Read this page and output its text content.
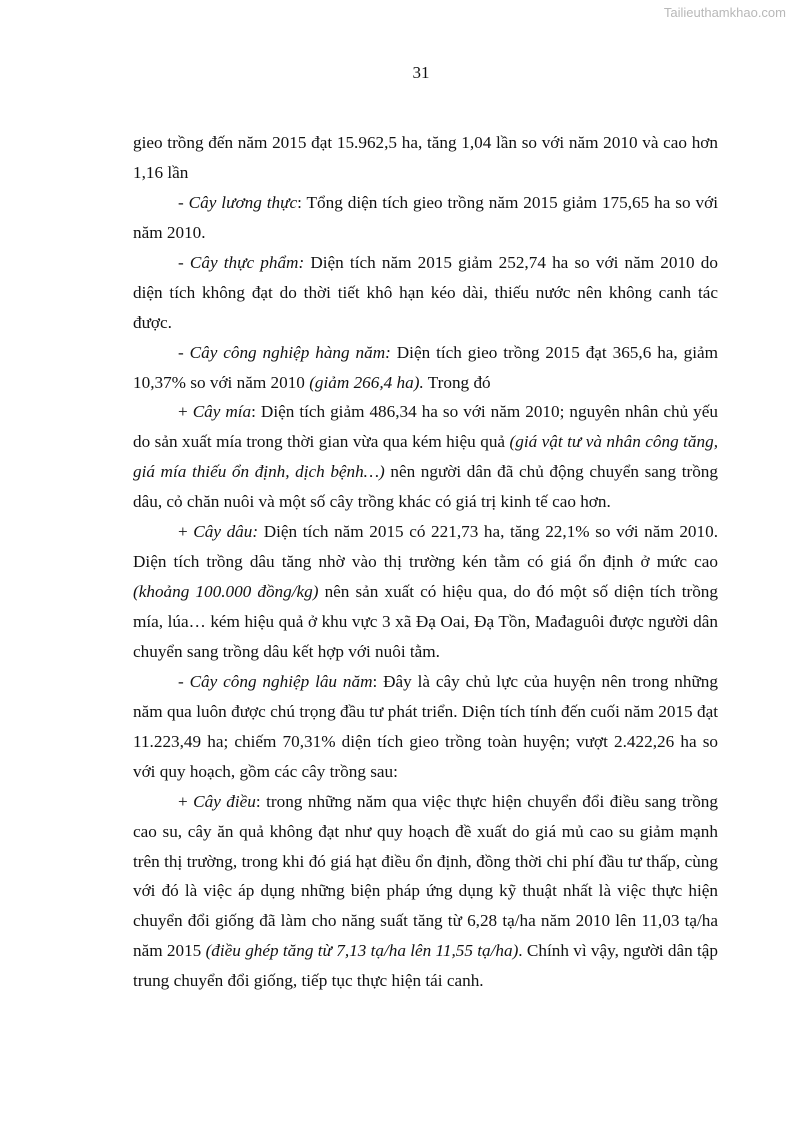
Tailieuthamkhao.com
31

gieo trồng đến năm 2015 đạt 15.962,5 ha, tăng 1,04 lần so với năm 2010 và cao hơn 1,16 lần

- Cây lương thực: Tổng diện tích gieo trồng năm 2015 giảm 175,65 ha so với năm 2010.

- Cây thực phẩm: Diện tích năm 2015 giảm 252,74 ha so với năm 2010 do diện tích không đạt do thời tiết khô hạn kéo dài, thiếu nước nên không canh tác được.

- Cây công nghiệp hàng năm: Diện tích gieo trồng 2015 đạt 365,6 ha, giảm 10,37% so với năm 2010 (giảm 266,4 ha). Trong đó

+ Cây mía: Diện tích giảm 486,34 ha so với năm 2010; nguyên nhân chủ yếu do sản xuất mía trong thời gian vừa qua kém hiệu quả (giá vật tư và nhân công tăng, giá mía thiếu ổn định, dịch bệnh…) nên người dân đã chủ động chuyển sang trồng dâu, cỏ chăn nuôi và một số cây trồng khác có giá trị kinh tế cao hơn.

+ Cây dâu: Diện tích năm 2015 có 221,73 ha, tăng 22,1% so với năm 2010. Diện tích trồng dâu tăng nhờ vào thị trường kén tằm có giá ổn định ở mức cao (khoảng 100.000 đồng/kg) nên sản xuất có hiệu qua, do đó một số diện tích trồng mía, lúa… kém hiệu quả ở khu vực 3 xã Đạ Oai, Đạ Tồn, Mađaguôi được người dân chuyển sang trồng dâu kết hợp với nuôi tằm.

- Cây công nghiệp lâu năm: Đây là cây chủ lực của huyện nên trong những năm qua luôn được chú trọng đầu tư phát triển. Diện tích tính đến cuối năm 2015 đạt 11.223,49 ha; chiếm 70,31% diện tích gieo trồng toàn huyện; vượt 2.422,26 ha so với quy hoạch, gồm các cây trồng sau:

+ Cây điều: trong những năm qua việc thực hiện chuyển đổi điều sang trồng cao su, cây ăn quả không đạt như quy hoạch đề xuất do giá mủ cao su giảm mạnh trên thị trường, trong khi đó giá hạt điều ổn định, đồng thời chi phí đầu tư thấp, cùng với đó là việc áp dụng những biện pháp ứng dụng kỹ thuật nhất là việc thực hiện chuyển đổi giống đã làm cho năng suất tăng từ 6,28 tạ/ha năm 2010 lên 11,03 tạ/ha năm 2015 (điều ghép tăng từ 7,13 tạ/ha lên 11,55 tạ/ha). Chính vì vậy, người dân tập trung chuyển đổi giống, tiếp tục thực hiện tái canh.
